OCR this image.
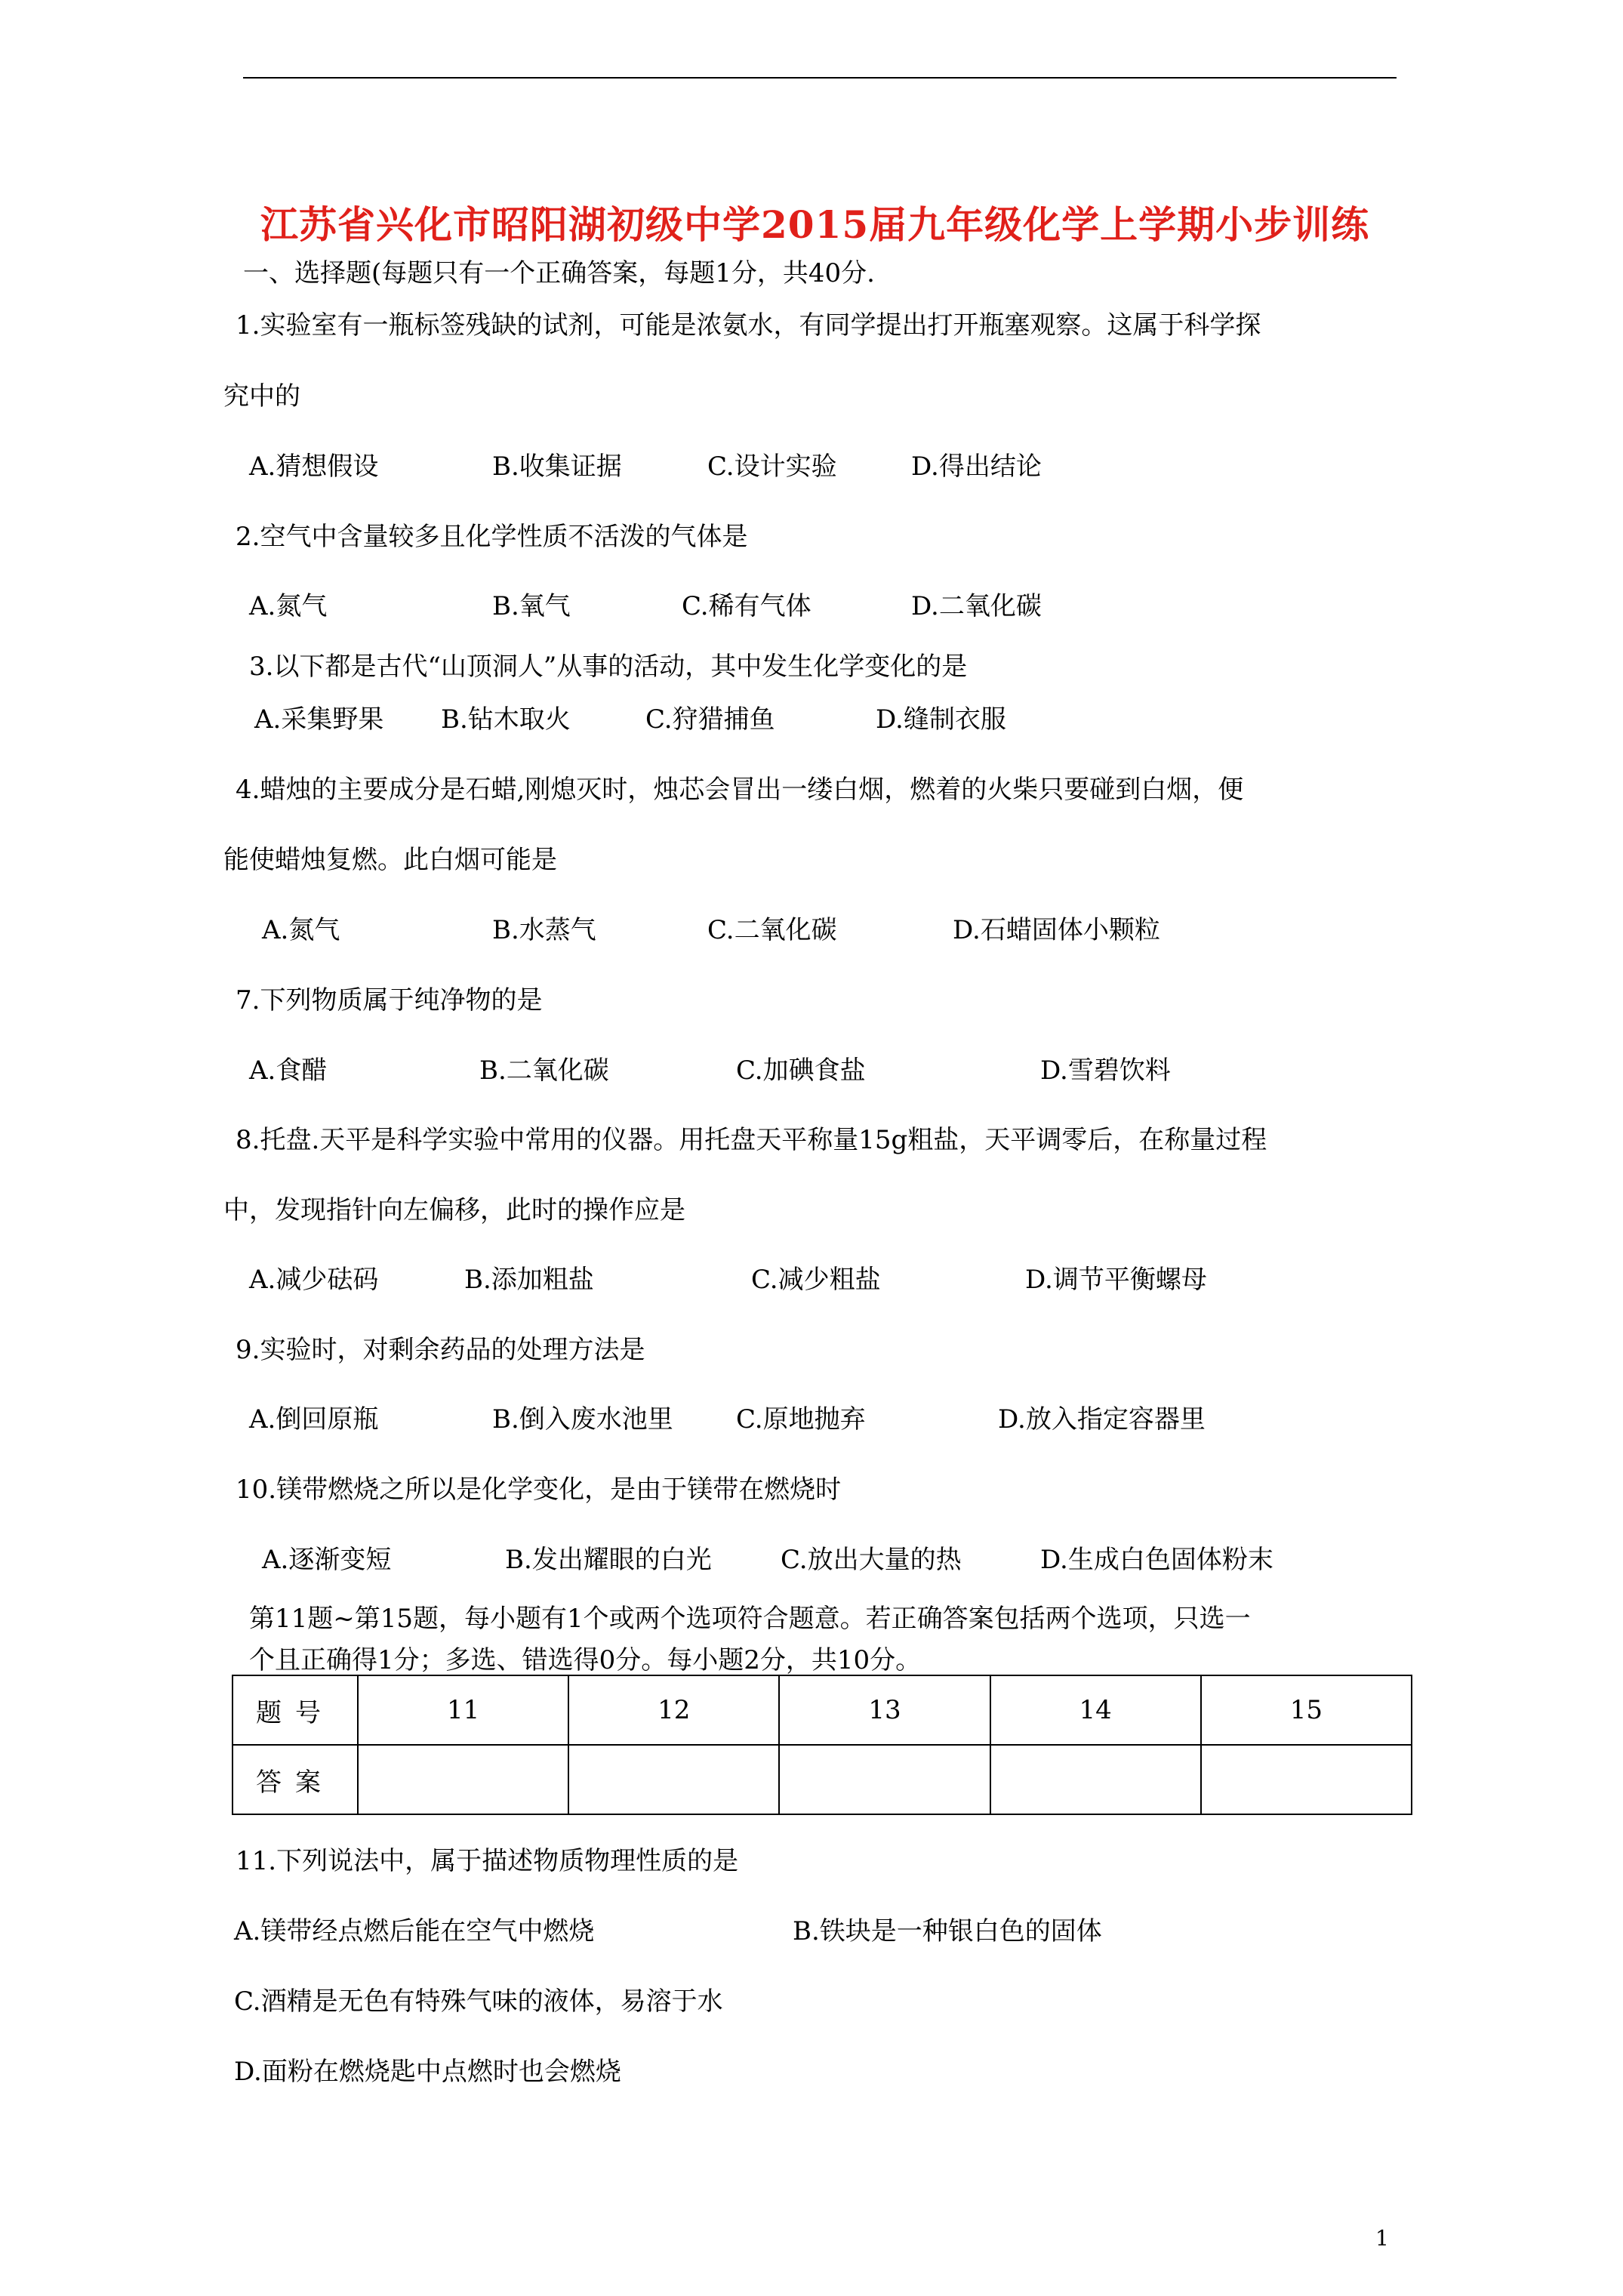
江苏省兴化市昭阳湖初级中学2015届九年级化学上学期小步训练
一、选择题(每题只有一个正确答案，每题1分，共40分.
1.实验室有一瓶标签残缺的试剂，可能是浓氨水，有同学提出打开瓶塞观察。这属于科学探
究中的
A.猜想假设	B.收集证据	C.设计实验	D.得出结论
2.空气中含量较多且化学性质不活泼的气体是
A.氮气	B.氧气	C.稀有气体	D.二氧化碳
3.以下都是古代“山顶洞人”从事的活动，其中发生化学变化的是
A.采集野果 B.钻木取火	C.狩猎捕鱼	D.缝制衣服
4.蜡烛的主要成分是石蜡,刚熄灭时，烛芯会冒出一缕白烟，燃着的火柴只要碰到白烟，便
能使蜡烛复燃。此白烟可能是
A.氮气	B.水蒸气	C.二氧化碳	D.石蜡固体小颗粒
7.下列物质属于纯净物的是
A.食醋	B.二氧化碳	C.加碘食盐	D.雪碧饮料
8.托盘.天平是科学实验中常用的仪器。用托盘天平称量15g粗盐，天平调零后，在称量过程
中，发现指针向左偏移，此时的操作应是
A.减少砝码	B.添加粗盐	C.减少粗盐	D.调节平衡螺母
9.实验时，对剩余药品的处理方法是
A.倒回原瓶	B.倒入废水池里 C.原地抛弃	D.放入指定容器里
10.镁带燃烧之所以是化学变化，是由于镁带在燃烧时
A.逐渐变短	B.发出耀眼的白光	C.放出大量的热	D.生成白色固体粉末
第11题~第15题，每小题有1个或两个选项符合题意。若正确答案包括两个选项，只选一
个且正确得1分；多选、错选得0分。每小题2分，共10分。
题号	11	12	13	14	15
答案					
11.下列说法中，属于描述物质物理性质的是
A.镁带经点燃后能在空气中燃烧	B.铁块是一种银白色的固体
C.酒精是无色有特殊气味的液体，易溶于水
D.面粉在燃烧匙中点燃时也会燃烧
1
